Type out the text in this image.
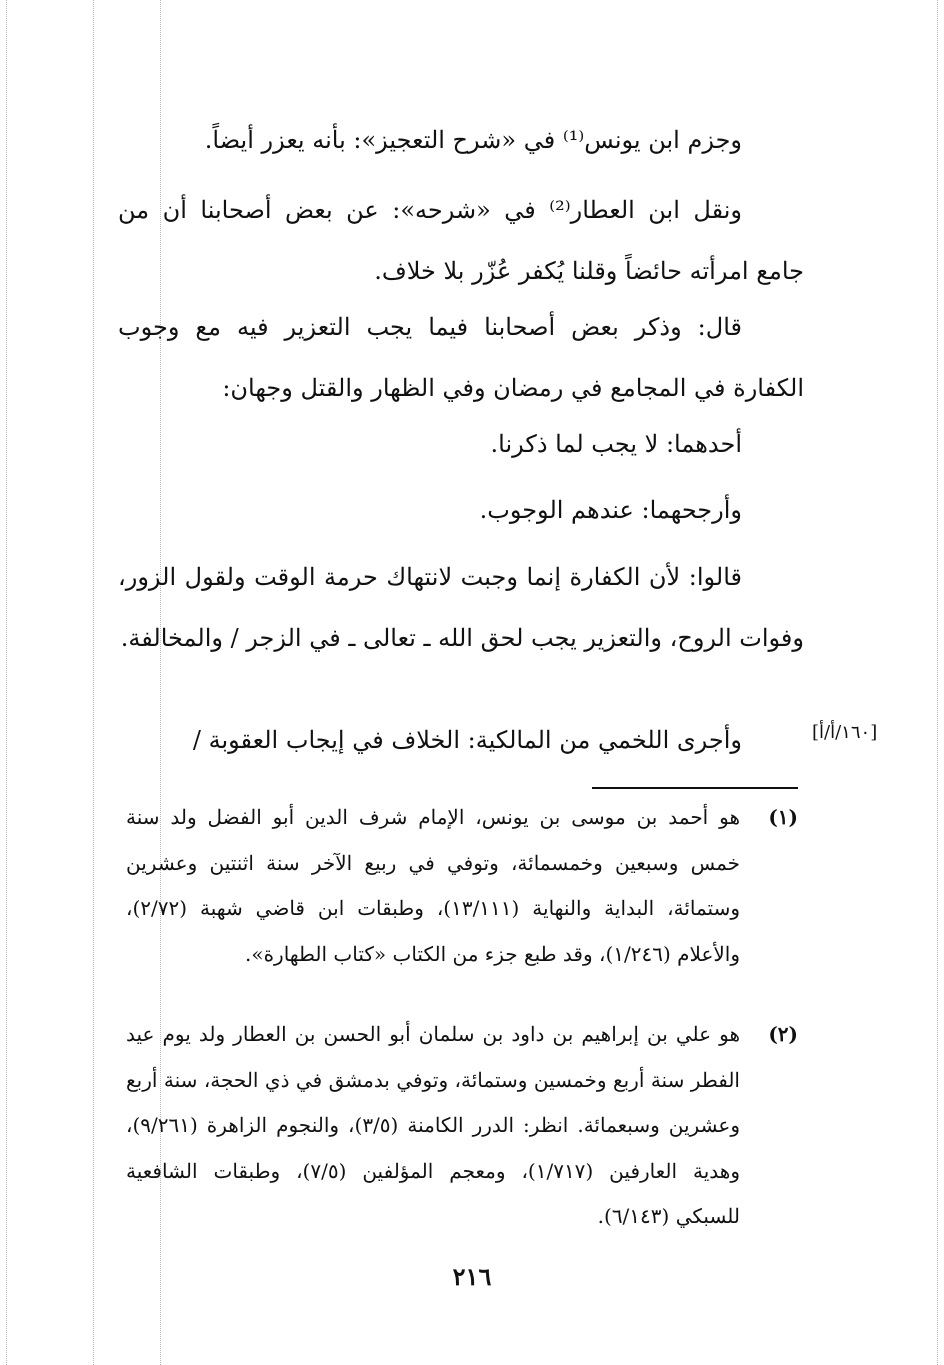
وجزم ابن يونس⁽¹⁾ في «شرح التعجيز»: بأنه يعزر أيضاً.
ونقل ابن العطار⁽²⁾ في «شرحه»: عن بعض أصحابنا أن من جامع امرأته حائضاً وقلنا يُكفر عُزّر بلا خلاف.
قال: وذكر بعض أصحابنا فيما يجب التعزير فيه مع وجوب الكفارة في المجامع في رمضان وفي الظهار والقتل وجهان:
أحدهما: لا يجب لما ذكرنا.
وأرجحهما: عندهم الوجوب.
قالوا: لأن الكفارة إنما وجبت لانتهاك حرمة الوقت ولقول الزور، وفوات الروح، والتعزير يجب لحق الله ـ تعالى ـ في الزجر / والمخالفة.
وأجرى اللخمي من المالكية: الخلاف في إيجاب العقوبة /	[١٦٠/أ/أ]
(١)
هو أحمد بن موسى بن يونس، الإمام شرف الدين أبو الفضل ولد سنة خمس وسبعين وخمسمائة، وتوفي في ربيع الآخر سنة اثنتين وعشرين وستمائة، البداية والنهاية (١٣/١١١)، وطبقات ابن قاضي شهبة (٢/٧٢)، والأعلام (١/٢٤٦)، وقد طبع جزء من الكتاب «كتاب الطهارة».
(٢)
هو علي بن إبراهيم بن داود بن سلمان أبو الحسن بن العطار ولد يوم عيد الفطر سنة أربع وخمسين وستمائة، وتوفي بدمشق في ذي الحجة، سنة أربع وعشرين وسبعمائة. انظر: الدرر الكامنة (٣/٥)، والنجوم الزاهرة (٩/٢٦١)، وهدية العارفين (١/٧١٧)، ومعجم المؤلفين (٧/٥)، وطبقات الشافعية للسبكي (٦/١٤٣).
٢١٦
